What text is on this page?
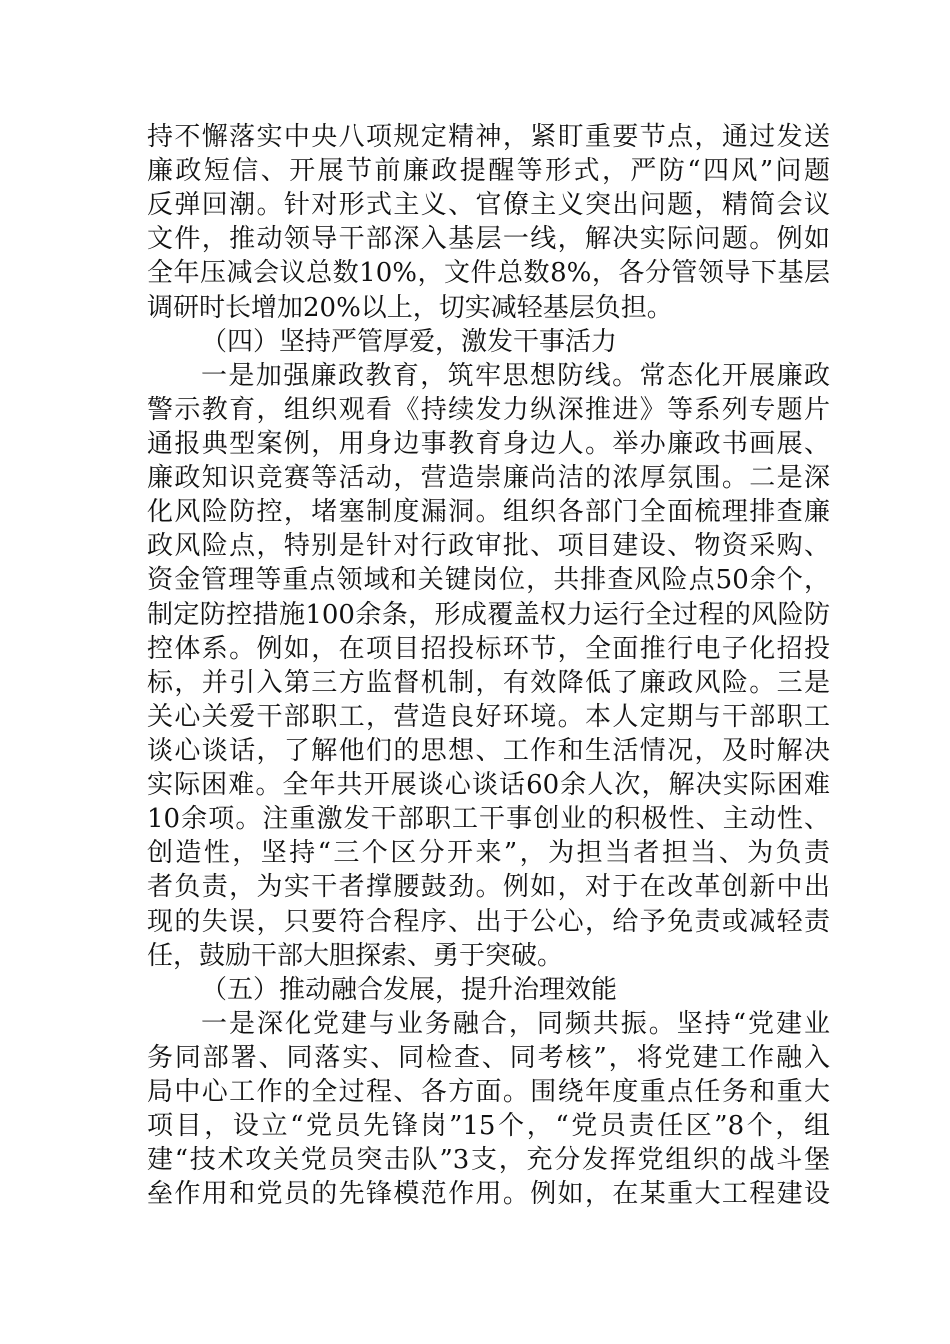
持不懈落实中央八项规定精神，紧盯重要节点，通过发送
廉政短信、开展节前廉政提醒等形式，严防“四风”问题
反弹回潮。针对形式主义、官僚主义突出问题，精简会议
文件，推动领导干部深入基层一线，解决实际问题。例如
全年压减会议总数10%，文件总数8%，各分管领导下基层
调研时长增加20%以上，切实减轻基层负担。
（四）坚持严管厚爱，激发干事活力
一是加强廉政教育，筑牢思想防线。常态化开展廉政
警示教育，组织观看《持续发力纵深推进》等系列专题片
通报典型案例，用身边事教育身边人。举办廉政书画展、
廉政知识竞赛等活动，营造崇廉尚洁的浓厚氛围。二是深
化风险防控，堵塞制度漏洞。组织各部门全面梳理排查廉
政风险点，特别是针对行政审批、项目建设、物资采购、
资金管理等重点领域和关键岗位，共排查风险点50余个，
制定防控措施100余条，形成覆盖权力运行全过程的风险防
控体系。例如，在项目招投标环节，全面推行电子化招投
标，并引入第三方监督机制，有效降低了廉政风险。三是
关心关爱干部职工，营造良好环境。本人定期与干部职工
谈心谈话，了解他们的思想、工作和生活情况，及时解决
实际困难。全年共开展谈心谈话60余人次，解决实际困难
10余项。注重激发干部职工干事创业的积极性、主动性、
创造性，坚持“三个区分开来”，为担当者担当、为负责
者负责，为实干者撑腰鼓劲。例如，对于在改革创新中出
现的失误，只要符合程序、出于公心，给予免责或减轻责
任，鼓励干部大胆探索、勇于突破。
（五）推动融合发展，提升治理效能
一是深化党建与业务融合，同频共振。坚持“党建业
务同部署、同落实、同检查、同考核”，将党建工作融入
局中心工作的全过程、各方面。围绕年度重点任务和重大
项目，设立“党员先锋岗”15个，“党员责任区”8个，组
建“技术攻关党员突击队”3支，充分发挥党组织的战斗堡
垒作用和党员的先锋模范作用。例如，在某重大工程建设
